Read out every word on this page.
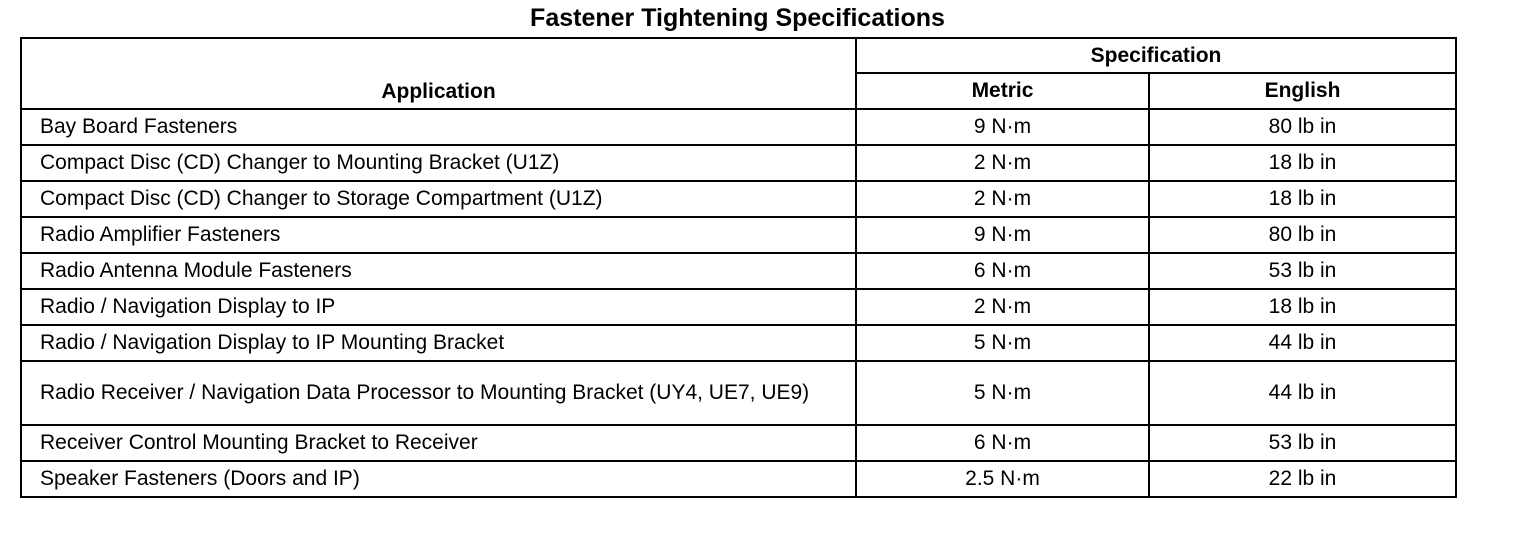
Fastener Tightening Specifications
Application	Specification	
	Metric	English
Bay Board Fasteners	9 N·m	80 lb in
Compact Disc (CD) Changer to Mounting Bracket (U1Z)	2 N·m	18 lb in
Compact Disc (CD) Changer to Storage Compartment (U1Z)	2 N·m	18 lb in
Radio Amplifier Fasteners	9 N·m	80 lb in
Radio Antenna Module Fasteners	6 N·m	53 lb in
Radio / Navigation Display to IP	2 N·m	18 lb in
Radio / Navigation Display to IP Mounting Bracket	5 N·m	44 lb in
Radio Receiver / Navigation Data Processor to Mounting Bracket (UY4, UE7, UE9)	5 N·m	44 lb in
Receiver Control Mounting Bracket to Receiver	6 N·m	53 lb in
Speaker Fasteners (Doors and IP)	2.5 N·m	22 lb in
